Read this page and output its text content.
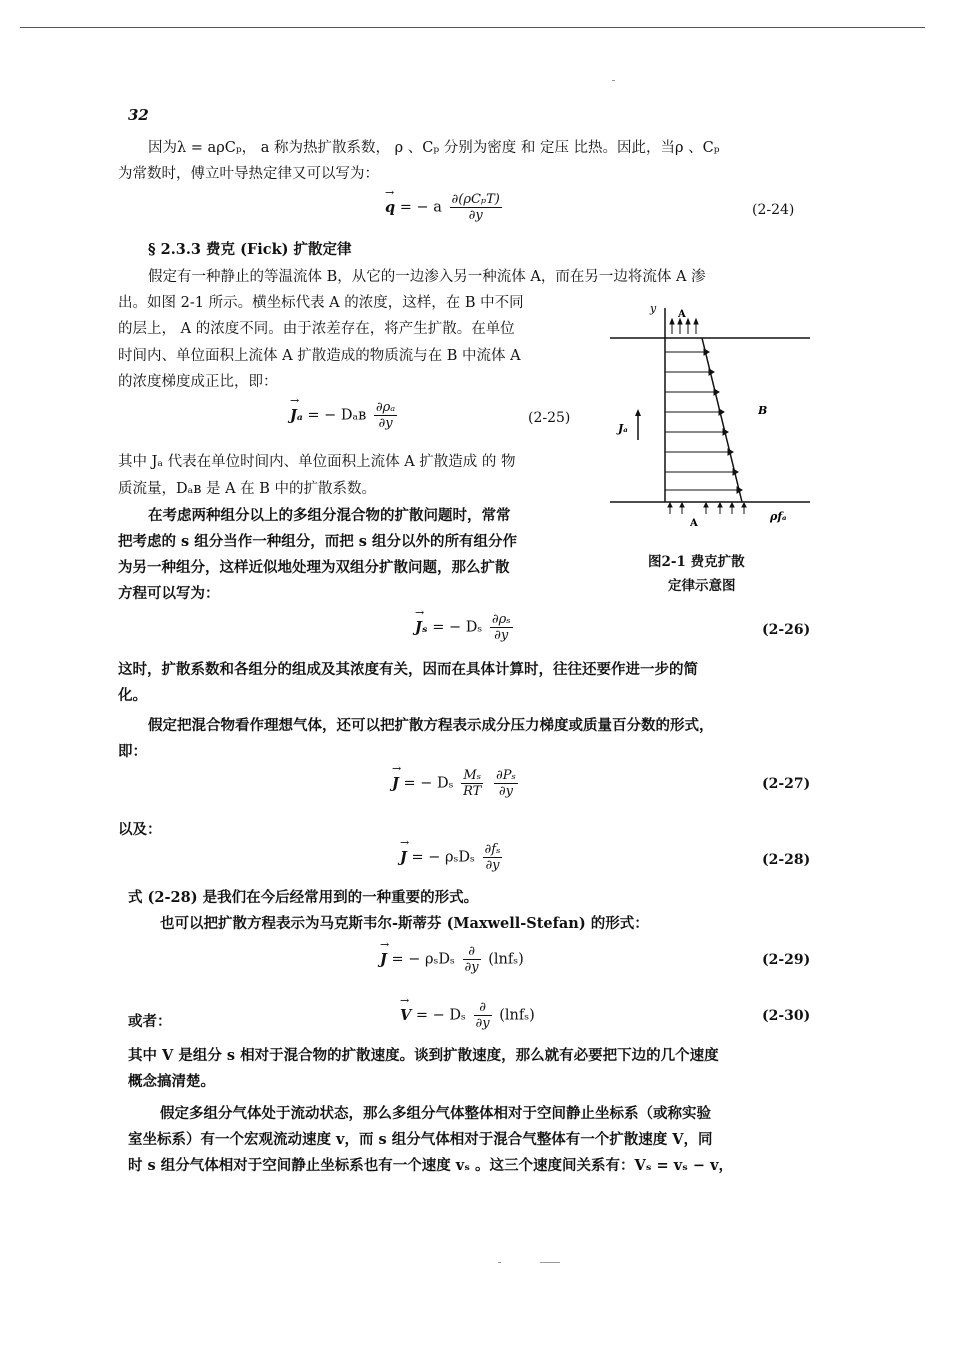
32
因为λ = aρCₚ， a 称为热扩散系数， ρ 、Cₚ 分别为密度 和 定压 比热。因此，当ρ 、Cₚ
为常数时，傅立叶导热定律又可以写为：
→ q = − a $\frac{\text{∂(ρCₚT)}}{\partial y}$	(2-24)
§ 2.3.3 费克 (Fick) 扩散定律
假定有一种静止的等温流体 B，从它的一边渗入另一种流体 A，而在另一边将流体 A 渗
出。如图 2-1 所示。横坐标代表 A 的浓度，这样，在 B 中不同
的层上， A 的浓度不同。由于浓差存在，将产生扩散。在单位
时间内、单位面积上流体 A 扩散造成的物质流与在 B 中流体 A
的浓度梯度成正比，即：
→ Jₐ = − Dₐʙ $\frac{\text{∂ρₐ}}{\partial y}$	(2-25)
其中 Jₐ 代表在单位时间内、单位面积上流体 A 扩散造成 的 物
质流量，Dₐʙ 是 A 在 B 中的扩散系数。
在考虑两种组分以上的多组分混合物的扩散问题时，常常
把考虑的 s 组分当作一种组分，而把 s 组分以外的所有组分作
为另一种组分，这样近似地处理为双组分扩散问题，那么扩散
方程可以写为：
y A
A
B
Jₐ
ρfₐ
图2-1 费克扩散
定律示意图
→ Jₛ = − Dₛ $\frac{\text{∂ρₛ}}{\partial y}$	(2-26)
这时，扩散系数和各组分的组成及其浓度有关，因而在具体计算时，往往还要作进一步的简
化。
假定把混合物看作理想气体，还可以把扩散方程表示成分压力梯度或质量百分数的形式，
即：
→ J = − Dₛ $\frac{\text{Mₛ}}{RT}$
$\frac{\text{∂Pₛ}}{\partial y}$	(2-27)
以及：
→ J = − ρₛDₛ $\frac{\text{∂fₛ}}{\partial y}$	(2-28)
式 (2-28) 是我们在今后经常用到的一种重要的形式。
也可以把扩散方程表示为马克斯韦尔-斯蒂芬 (Maxwell-Stefan) 的形式：
→ J = − ρₛDₛ $\frac{\partial}{\partial y} (\ln f_s)$	(2-29)
或者：
→	V = − Dₛ $\frac{\partial}{\partial y} (\ln f_s)$	(2-30)
其中 V 是组分 s 相对于混合物的扩散速度。谈到扩散速度，那么就有必要把下边的几个速度
概念搞清楚。
假定多组分气体处于流动状态，那么多组分气体整体相对于空间静止坐标系（或称实验
室坐标系）有一个宏观流动速度 v，而 s 组分气体相对于混合气整体有一个扩散速度 V，同
时 s 组分气体相对于空间静止坐标系也有一个速度 vₛ 。这三个速度间关系有：Vₛ = vₛ − v，
